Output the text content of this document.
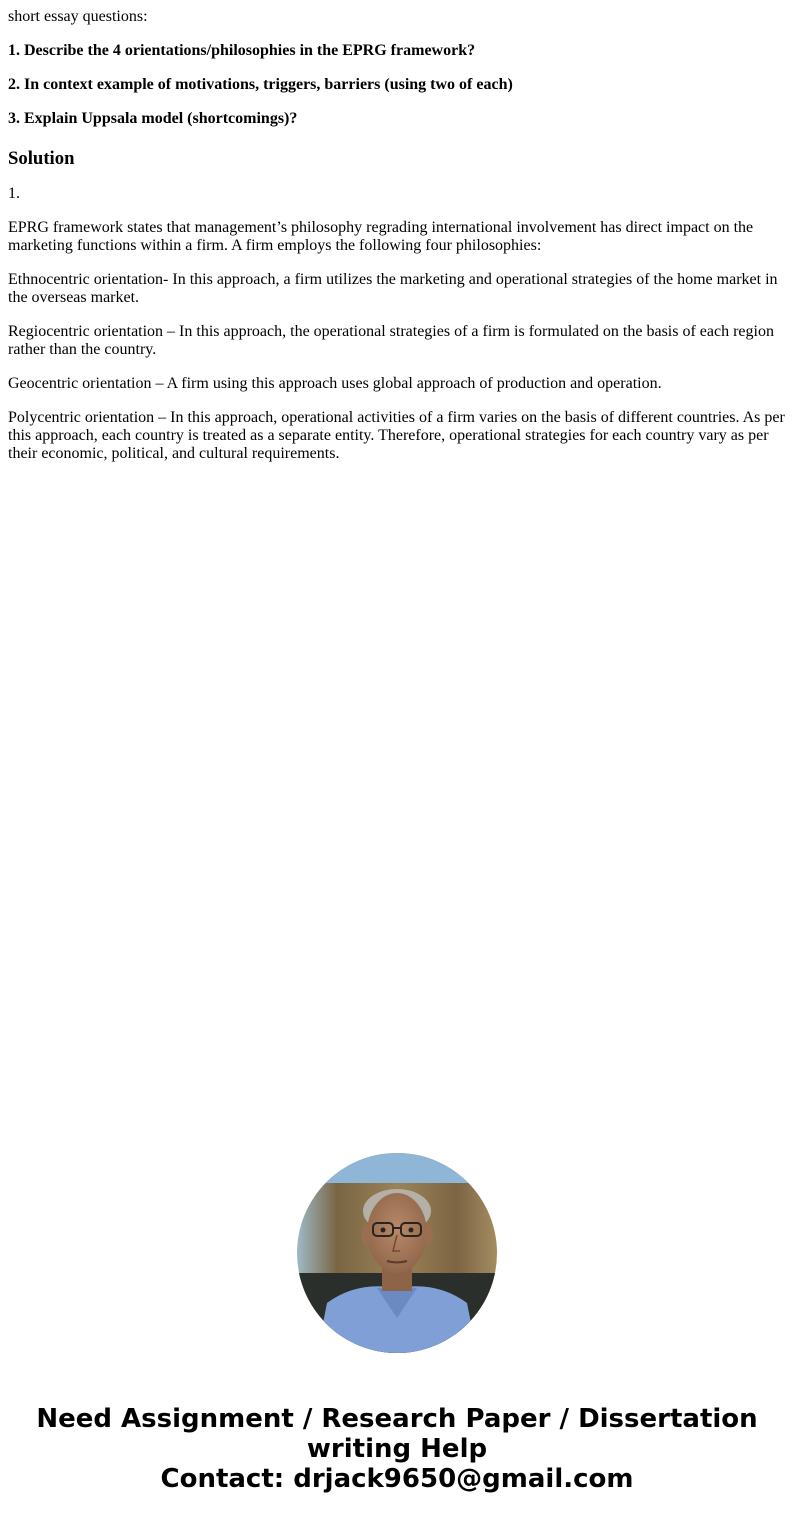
short essay questions:

1. Describe the 4 orientations/philosophies in the EPRG framework?

2. In context example of motivations, triggers, barriers (using two of each)

3. Explain Uppsala model (shortcomings)?

Solution

1.

EPRG framework states that management’s philosophy regrading international involvement has direct impact on the marketing functions within a firm. A firm employs the following four philosophies:

Ethnocentric orientation- In this approach, a firm utilizes the marketing and operational strategies of the home market in the overseas market.

Regiocentric orientation – In this approach, the operational strategies of a firm is formulated on the basis of each region rather than the country.

Geocentric orientation – A firm using this approach uses global approach of production and operation.

Polycentric orientation – In this approach, operational activities of a firm varies on the basis of different countries. As per this approach, each country is treated as a separate entity. Therefore, operational strategies for each country vary as per their economic, political, and cultural requirements.

Need Assignment / Research Paper / Dissertation
writing Help
Contact: drjack9650@gmail.com
